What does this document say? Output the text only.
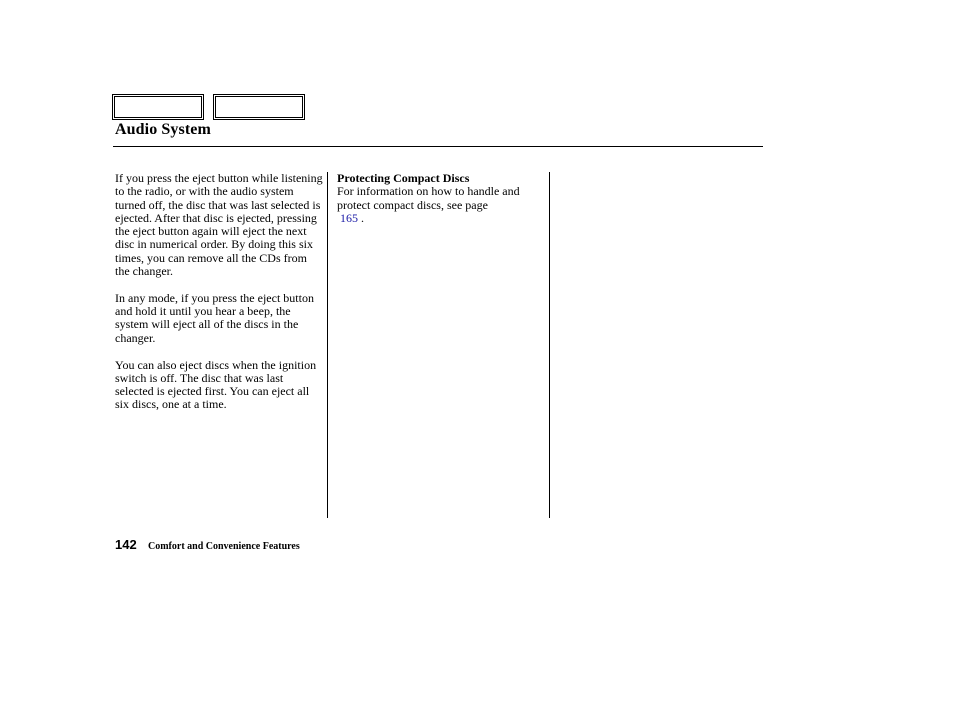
Audio System

If you press the eject button while listening to the radio, or with the audio system turned off, the disc that was last selected is ejected. After that disc is ejected, pressing the eject button again will eject the next disc in numerical order. By doing this six times, you can remove all the CDs from the changer.

In any mode, if you press the eject button and hold it until you hear a beep, the system will eject all of the discs in the changer.

You can also eject discs when the ignition switch is off. The disc that was last selected is ejected first. You can eject all six discs, one at a time.

Protecting Compact Discs
For information on how to handle and protect compact discs, see page
165 .
142 Comfort and Convenience Features
